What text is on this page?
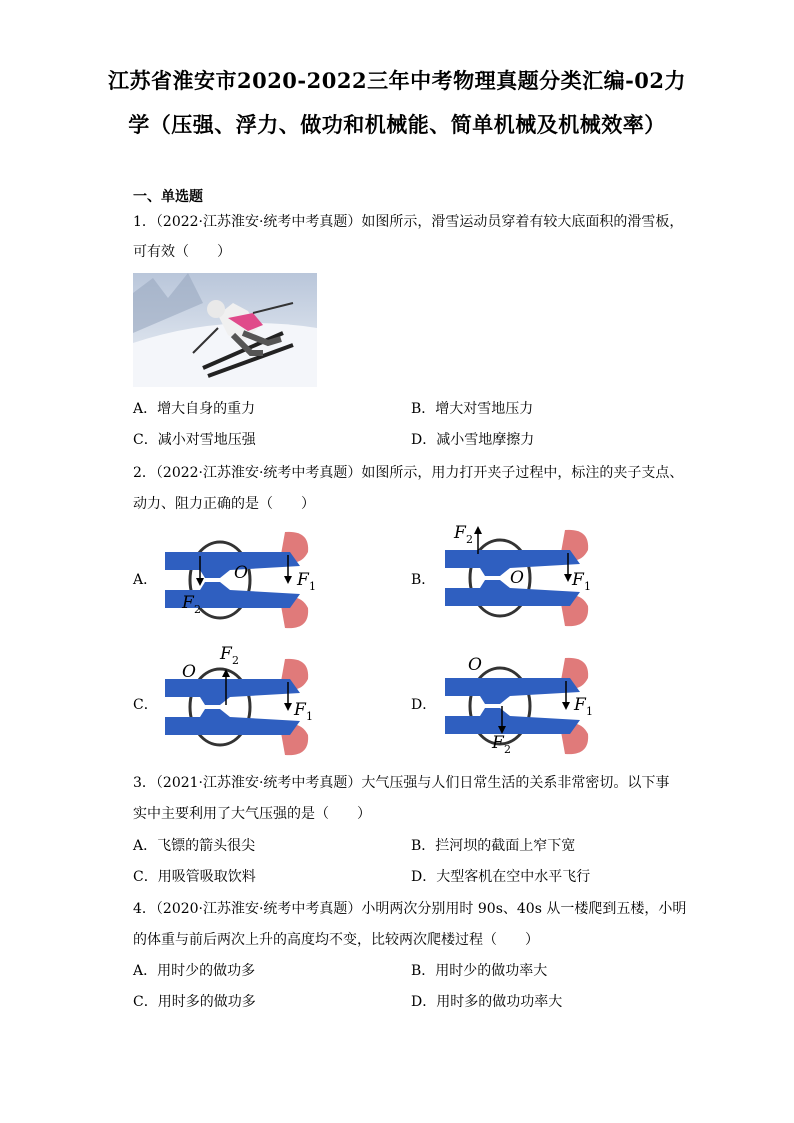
江苏省淮安市2020-2022三年中考物理真题分类汇编-02力
学（压强、浮力、做功和机械能、简单机械及机械效率）
一、单选题
1．（2022·江苏淮安·统考中考真题）如图所示，滑雪运动员穿着有较大底面积的滑雪板，
可有效（　　）
A．增大自身的重力	B．增大对雪地压力
C．减小对雪地压强	D．减小雪地摩擦力
2．（2022·江苏淮安·统考中考真题）如图所示，用力打开夹子过程中，标注的夹子支点、
动力、阻力正确的是（　　）
A．	B．
C．	D．
O	F 1
F 2
O	F 1
F 2
O
F 1
F 2	O
F 1
F 2
3．（2021·江苏淮安·统考中考真题）大气压强与人们日常生活的关系非常密切。以下事
实中主要利用了大气压强的是（　　）
A．飞镖的箭头很尖	B．拦河坝的截面上窄下宽
C．用吸管吸取饮料	D．大型客机在空中水平飞行
4．（2020·江苏淮安·统考中考真题）小明两次分别用时 90s、40s 从一楼爬到五楼，小明
的体重与前后两次上升的高度均不变，比较两次爬楼过程（　　）
A．用时少的做功多	B．用时少的做功率大
C．用时多的做功多	D．用时多的做功功率大
